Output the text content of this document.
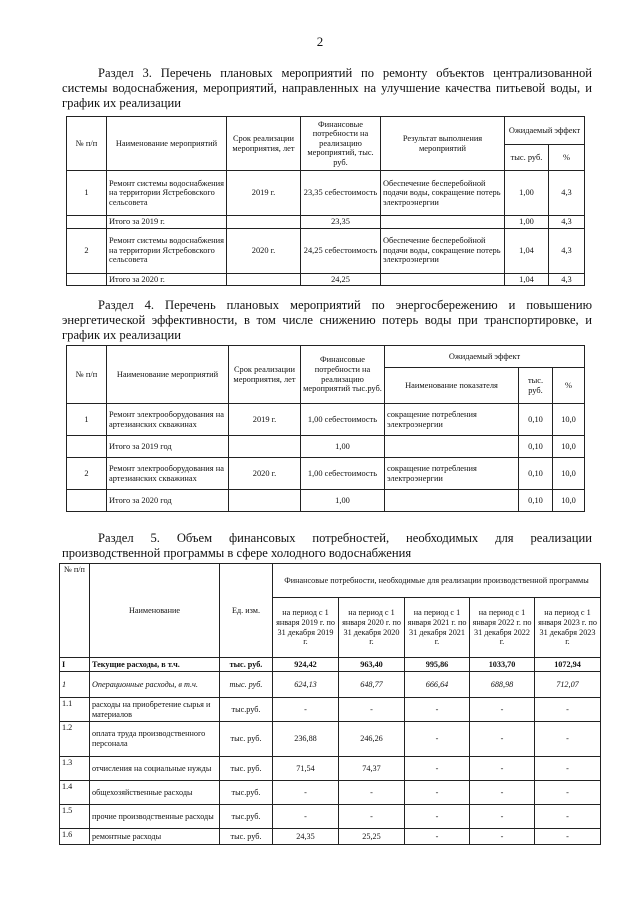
2
Раздел 3. Перечень плановых мероприятий по ремонту объектов централизованной системы водоснабжения, мероприятий, направленных на улучшение качества питьевой воды, и график их реализации
№ п/п	Наименование мероприятий	Срок реализации мероприятия, лет	Финансовые потребности на реализацию мероприятий, тыс. руб.	Результат выполнения мероприятий	Ожидаемый эффект	
					тыс. руб.	%
1	Ремонт системы водоснабжения на территории Ястребовского сельсовета	2019 г.	23,35 себестоимость	Обеспечение бесперебойной подачи воды, сокращение потерь электроэнергии	1,00	4,3
	Итого за 2019 г.		23,35		1,00	4,3
2	Ремонт системы водоснабжения на территории Ястребовского сельсовета	2020 г.	24,25 себестоимость	Обеспечение бесперебойной подачи воды, сокращение потерь электроэнергии	1,04	4,3
	Итого за 2020 г.		24,25		1,04	4,3
Раздел 4. Перечень плановых мероприятий по энергосбережению и повышению энергетической эффективности, в том числе снижению потерь воды при транспортировке, и график их реализации
№ п/п	Наименование мероприятий	Срок реализации мероприятия, лет	Финансовые потребности на реализацию мероприятий тыс.руб.	Ожидаемый эффект		
				Наименование показателя	тыс. руб.	%
1	Ремонт электрооборудования на артезианских скважинах	2019 г.	1,00 себестоимость	сокращение потребления электроэнергии	0,10	10,0
	Итого за 2019 год		1,00		0,10	10,0
2	Ремонт электрооборудования на артезианских скважинах	2020 г.	1,00 себестоимость	сокращение потребления электроэнергии	0,10	10,0
	Итого за 2020 год		1,00		0,10	10,0
Раздел 5. Объем финансовых потребностей, необходимых для реализации производственной программы в сфере холодного водоснабжения
№ п/п	Наименование	Ед. изм.	Финансовые потребности, необходимые для реализации производственной программы				
			на период с 1 января 2019 г. по 31 декабря 2019 г.	на период с 1 января 2020 г. по 31 декабря 2020 г.	на период с 1 января 2021 г. по 31 декабря 2021 г.	на период с 1 января 2022 г. по 31 декабря 2022 г.	на период с 1 января 2023 г. по 31 декабря 2023 г.
I	Текущие расходы, в т.ч.	тыс. руб.	924,42	963,40	995,86	1033,70	1072,94
1	Операционные расходы, в т.ч.	тыс. руб.	624,13	648,77	666,64	688,98	712,07
1.1	расходы на приобретение сырья и материалов	тыс.руб.	-	-	-	-	-
1.2	оплата труда производственного персонала	тыс. руб.	236,88	246,26	-	-	-
1.3	отчисления на социальные нужды	тыс. руб.	71,54	74,37	-	-	-
1.4	общехозяйственные расходы	тыс.руб.	-	-	-	-	-
1.5	прочие производственные расходы	тыс.руб.	-	-	-	-	-
1.6	ремонтные расходы	тыс. руб.	24,35	25,25	-	-	-
